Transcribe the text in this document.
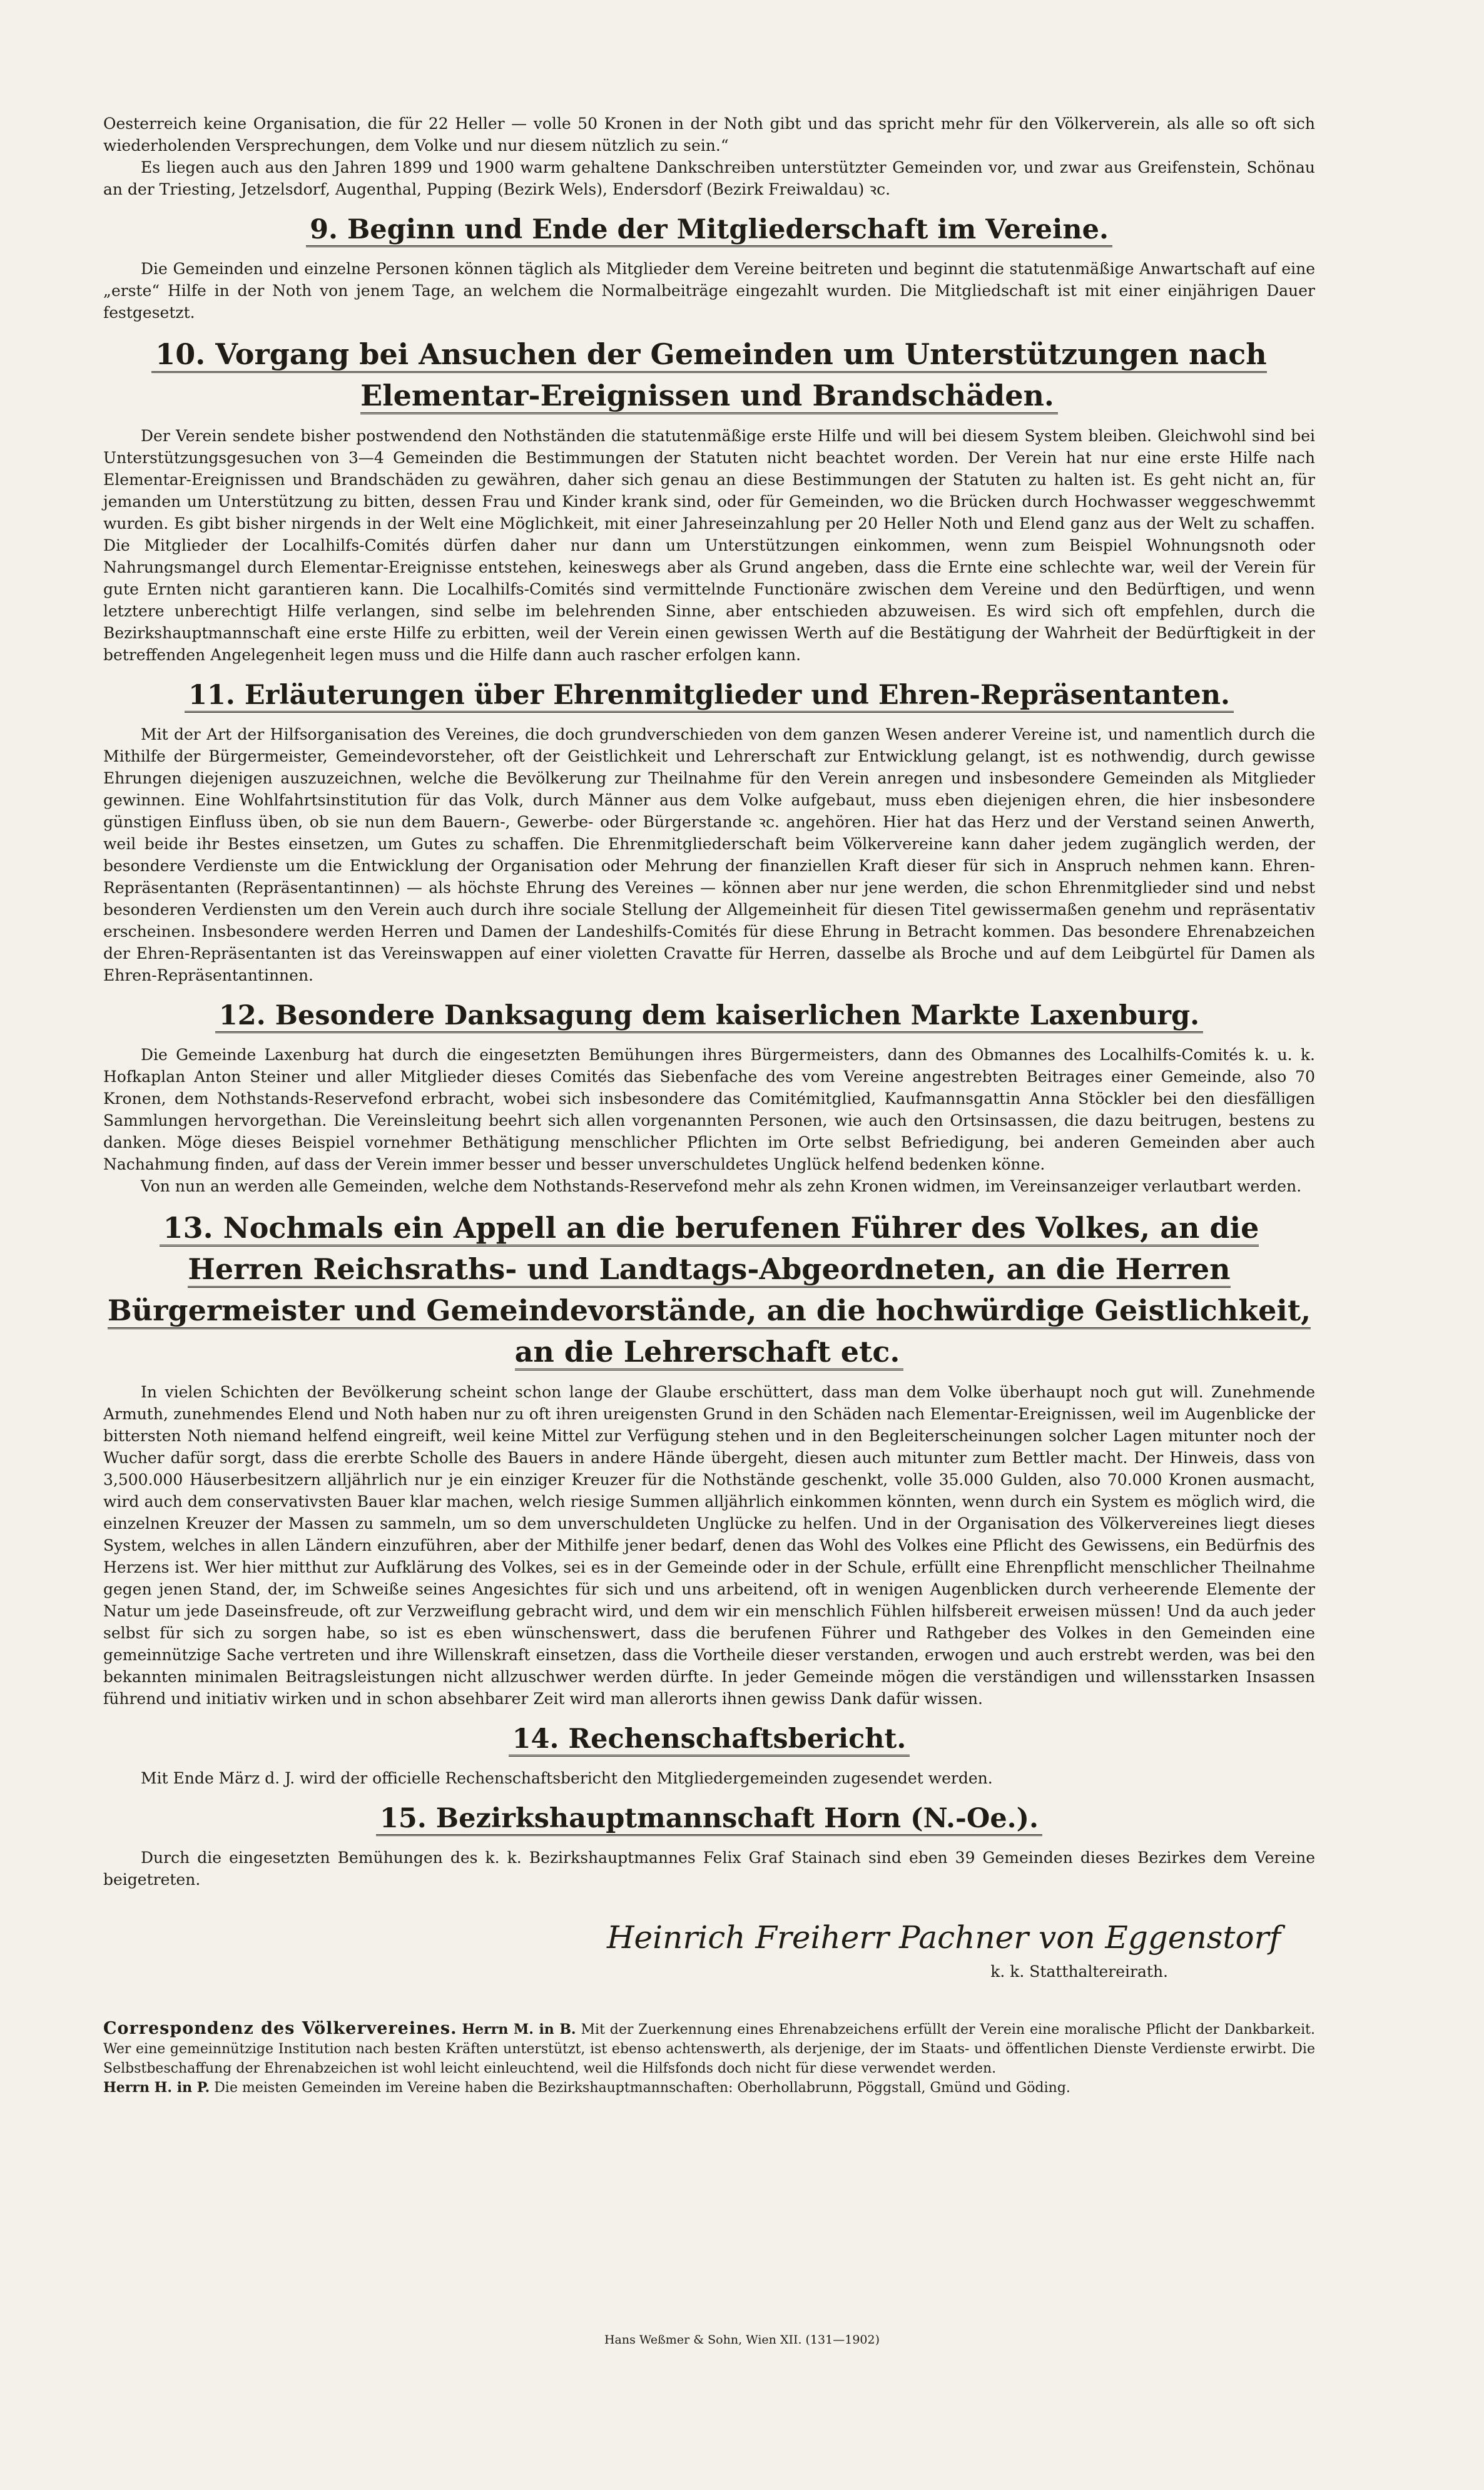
Oesterreich keine Organisation, die für 22 Heller — volle 50 Kronen in der Noth gibt und das spricht mehr für den Völkerverein, als alle so oft sich wiederholenden Versprechungen, dem Volke und nur diesem nützlich zu sein.“

Es liegen auch aus den Jahren 1899 und 1900 warm gehaltene Dankschreiben unterstützter Gemeinden vor, und zwar aus Greifenstein, Schönau an der Triesting, Jetzelsdorf, Augenthal, Pupping (Bezirk Wels), Endersdorf (Bezirk Freiwaldau) ꝛc.

9. Beginn und Ende der Mitgliederschaft im Vereine.

Die Gemeinden und einzelne Personen können täglich als Mitglieder dem Vereine beitreten und beginnt die statutenmäßige Anwartschaft auf eine „erste“ Hilfe in der Noth von jenem Tage, an welchem die Normalbeiträge eingezahlt wurden. Die Mitgliedschaft ist mit einer einjährigen Dauer festgesetzt.

10. Vorgang bei Ansuchen der Gemeinden um Unterstützungen nach Elementar-Ereignissen und Brandschäden.

Der Verein sendete bisher postwendend den Nothständen die statutenmäßige erste Hilfe und will bei diesem System bleiben. Gleichwohl sind bei Unterstützungsgesuchen von 3—4 Gemeinden die Bestimmungen der Statuten nicht beachtet worden. Der Verein hat nur eine erste Hilfe nach Elementar-Ereignissen und Brandschäden zu gewähren, daher sich genau an diese Bestimmungen der Statuten zu halten ist. Es geht nicht an, für jemanden um Unterstützung zu bitten, dessen Frau und Kinder krank sind, oder für Gemeinden, wo die Brücken durch Hochwasser weggeschwemmt wurden. Es gibt bisher nirgends in der Welt eine Möglichkeit, mit einer Jahreseinzahlung per 20 Heller Noth und Elend ganz aus der Welt zu schaffen. Die Mitglieder der Localhilfs-Comités dürfen daher nur dann um Unterstützungen einkommen, wenn zum Beispiel Wohnungsnoth oder Nahrungsmangel durch Elementar-Ereignisse entstehen, keineswegs aber als Grund angeben, dass die Ernte eine schlechte war, weil der Verein für gute Ernten nicht garantieren kann. Die Localhilfs-Comités sind vermittelnde Functionäre zwischen dem Vereine und den Bedürftigen, und wenn letztere unberechtigt Hilfe verlangen, sind selbe im belehrenden Sinne, aber entschieden abzuweisen. Es wird sich oft empfehlen, durch die Bezirkshauptmannschaft eine erste Hilfe zu erbitten, weil der Verein einen gewissen Werth auf die Bestätigung der Wahrheit der Bedürftigkeit in der betreffenden Angelegenheit legen muss und die Hilfe dann auch rascher erfolgen kann.

11. Erläuterungen über Ehrenmitglieder und Ehren-Repräsentanten.

Mit der Art der Hilfsorganisation des Vereines, die doch grundverschieden von dem ganzen Wesen anderer Vereine ist, und namentlich durch die Mithilfe der Bürgermeister, Gemeindevorsteher, oft der Geistlichkeit und Lehrerschaft zur Entwicklung gelangt, ist es nothwendig, durch gewisse Ehrungen diejenigen auszuzeichnen, welche die Bevölkerung zur Theilnahme für den Verein anregen und insbesondere Gemeinden als Mitglieder gewinnen. Eine Wohlfahrtsinstitution für das Volk, durch Männer aus dem Volke aufgebaut, muss eben diejenigen ehren, die hier insbesondere günstigen Einfluss üben, ob sie nun dem Bauern-, Gewerbe- oder Bürgerstande ꝛc. angehören. Hier hat das Herz und der Verstand seinen Anwerth, weil beide ihr Bestes einsetzen, um Gutes zu schaffen. Die Ehrenmitgliederschaft beim Völkervereine kann daher jedem zugänglich werden, der besondere Verdienste um die Entwicklung der Organisation oder Mehrung der finanziellen Kraft dieser für sich in Anspruch nehmen kann. Ehren-Repräsentanten (Repräsentantinnen) — als höchste Ehrung des Vereines — können aber nur jene werden, die schon Ehrenmitglieder sind und nebst besonderen Verdiensten um den Verein auch durch ihre sociale Stellung der Allgemeinheit für diesen Titel gewissermaßen genehm und repräsentativ erscheinen. Insbesondere werden Herren und Damen der Landeshilfs-Comités für diese Ehrung in Betracht kommen. Das besondere Ehrenabzeichen der Ehren-Repräsentanten ist das Vereinswappen auf einer violetten Cravatte für Herren, dasselbe als Broche und auf dem Leibgürtel für Damen als Ehren-Repräsentantinnen.

12. Besondere Danksagung dem kaiserlichen Markte Laxenburg.

Die Gemeinde Laxenburg hat durch die eingesetzten Bemühungen ihres Bürgermeisters, dann des Obmannes des Localhilfs-Comités k. u. k. Hofkaplan Anton Steiner und aller Mitglieder dieses Comités das Siebenfache des vom Vereine angestrebten Beitrages einer Gemeinde, also 70 Kronen, dem Nothstands-Reservefond erbracht, wobei sich insbesondere das Comitémitglied, Kaufmannsgattin Anna Stöckler bei den diesfälligen Sammlungen hervorgethan. Die Vereinsleitung beehrt sich allen vorgenannten Personen, wie auch den Ortsinsassen, die dazu beitrugen, bestens zu danken. Möge dieses Beispiel vornehmer Bethätigung menschlicher Pflichten im Orte selbst Befriedigung, bei anderen Gemeinden aber auch Nachahmung finden, auf dass der Verein immer besser und besser unverschuldetes Unglück helfend bedenken könne.

Von nun an werden alle Gemeinden, welche dem Nothstands-Reservefond mehr als zehn Kronen widmen, im Vereinsanzeiger verlautbart werden.

13. Nochmals ein Appell an die berufenen Führer des Volkes, an die Herren Reichsraths- und Landtags-Abgeordneten, an die Herren Bürgermeister und Gemeindevorstände, an die hochwürdige Geistlichkeit, an die Lehrerschaft etc.

In vielen Schichten der Bevölkerung scheint schon lange der Glaube erschüttert, dass man dem Volke überhaupt noch gut will. Zunehmende Armuth, zunehmendes Elend und Noth haben nur zu oft ihren ureigensten Grund in den Schäden nach Elementar-Ereignissen, weil im Augenblicke der bittersten Noth niemand helfend eingreift, weil keine Mittel zur Verfügung stehen und in den Begleiterscheinungen solcher Lagen mitunter noch der Wucher dafür sorgt, dass die ererbte Scholle des Bauers in andere Hände übergeht, diesen auch mitunter zum Bettler macht. Der Hinweis, dass von 3,500.000 Häuserbesitzern alljährlich nur je ein einziger Kreuzer für die Nothstände geschenkt, volle 35.000 Gulden, also 70.000 Kronen ausmacht, wird auch dem conservativsten Bauer klar machen, welch riesige Summen alljährlich einkommen könnten, wenn durch ein System es möglich wird, die einzelnen Kreuzer der Massen zu sammeln, um so dem unverschuldeten Unglücke zu helfen. Und in der Organisation des Völkervereines liegt dieses System, welches in allen Ländern einzuführen, aber der Mithilfe jener bedarf, denen das Wohl des Volkes eine Pflicht des Gewissens, ein Bedürfnis des Herzens ist. Wer hier mitthut zur Aufklärung des Volkes, sei es in der Gemeinde oder in der Schule, erfüllt eine Ehrenpflicht menschlicher Theilnahme gegen jenen Stand, der, im Schweiße seines Angesichtes für sich und uns arbeitend, oft in wenigen Augenblicken durch verheerende Elemente der Natur um jede Daseinsfreude, oft zur Verzweiflung gebracht wird, und dem wir ein menschlich Fühlen hilfsbereit erweisen müssen! Und da auch jeder selbst für sich zu sorgen habe, so ist es eben wünschenswert, dass die berufenen Führer und Rathgeber des Volkes in den Gemeinden eine gemeinnützige Sache vertreten und ihre Willenskraft einsetzen, dass die Vortheile dieser verstanden, erwogen und auch erstrebt werden, was bei den bekannten minimalen Beitragsleistungen nicht allzuschwer werden dürfte. In jeder Gemeinde mögen die verständigen und willensstarken Insassen führend und initiativ wirken und in schon absehbarer Zeit wird man allerorts ihnen gewiss Dank dafür wissen.

14. Rechenschaftsbericht.

Mit Ende März d. J. wird der officielle Rechenschaftsbericht den Mitgliedergemeinden zugesendet werden.

15. Bezirkshauptmannschaft Horn (N.-Oe.).

Durch die eingesetzten Bemühungen des k. k. Bezirkshauptmannes Felix Graf Stainach sind eben 39 Gemeinden dieses Bezirkes dem Vereine beigetreten.

Heinrich Freiherr Pachner von Eggenstorf
k. k. Statthaltereirath.
Correspondenz des Völkervereines. Herrn M. in B. Mit der Zuerkennung eines Ehrenabzeichens erfüllt der Verein eine moralische Pflicht der Dankbarkeit. Wer eine gemeinnützige Institution nach besten Kräften unterstützt, ist ebenso achtenswerth, als derjenige, der im Staats- und öffentlichen Dienste Verdienste erwirbt. Die Selbstbeschaffung der Ehrenabzeichen ist wohl leicht einleuchtend, weil die Hilfsfonds doch nicht für diese verwendet werden.
Herrn H. in P. Die meisten Gemeinden im Vereine haben die Bezirkshauptmannschaften: Oberhollabrunn, Pöggstall, Gmünd und Göding.
Hans Weßmer & Sohn, Wien XII. (131—1902)
